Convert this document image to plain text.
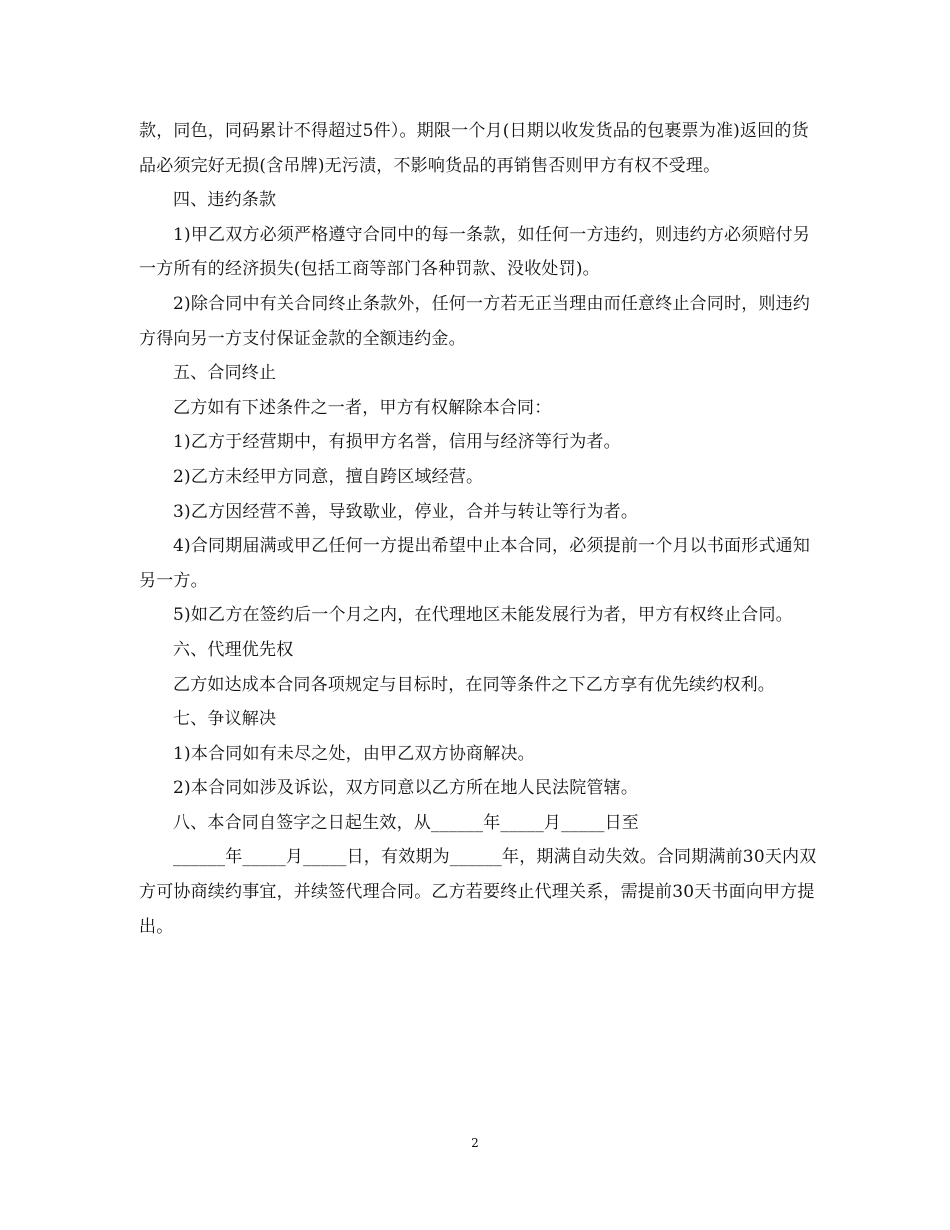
款，同色，同码累计不得超过5件）。期限一个月(日期以收发货品的包裹票为准)返回的货品必须完好无损(含吊牌)无污渍，不影响货品的再销售否则甲方有权不受理。

四、违约条款

1)甲乙双方必须严格遵守合同中的每一条款，如任何一方违约，则违约方必须赔付另一方所有的经济损失(包括工商等部门各种罚款、没收处罚)。

2)除合同中有关合同终止条款外，任何一方若无正当理由而任意终止合同时，则违约方得向另一方支付保证金款的全额违约金。

五、合同终止

乙方如有下述条件之一者，甲方有权解除本合同：

1)乙方于经营期中，有损甲方名誉，信用与经济等行为者。

2)乙方未经甲方同意，擅自跨区域经营。

3)乙方因经营不善，导致歇业，停业，合并与转让等行为者。

4)合同期届满或甲乙任何一方提出希望中止本合同，必须提前一个月以书面形式通知另一方。

5)如乙方在签约后一个月之内，在代理地区未能发展行为者，甲方有权终止合同。

六、代理优先权

乙方如达成本合同各项规定与目标时，在同等条件之下乙方享有优先续约权利。

七、争议解决

1)本合同如有未尽之处，由甲乙双方协商解决。

2)本合同如涉及诉讼，双方同意以乙方所在地人民法院管辖。

八、本合同自签字之日起生效，从______年_____月_____日至

______年_____月_____日，有效期为______年，期满自动失效。合同期满前30天内双方可协商续约事宜，并续签代理合同。乙方若要终止代理关系，需提前30天书面向甲方提出。

2
